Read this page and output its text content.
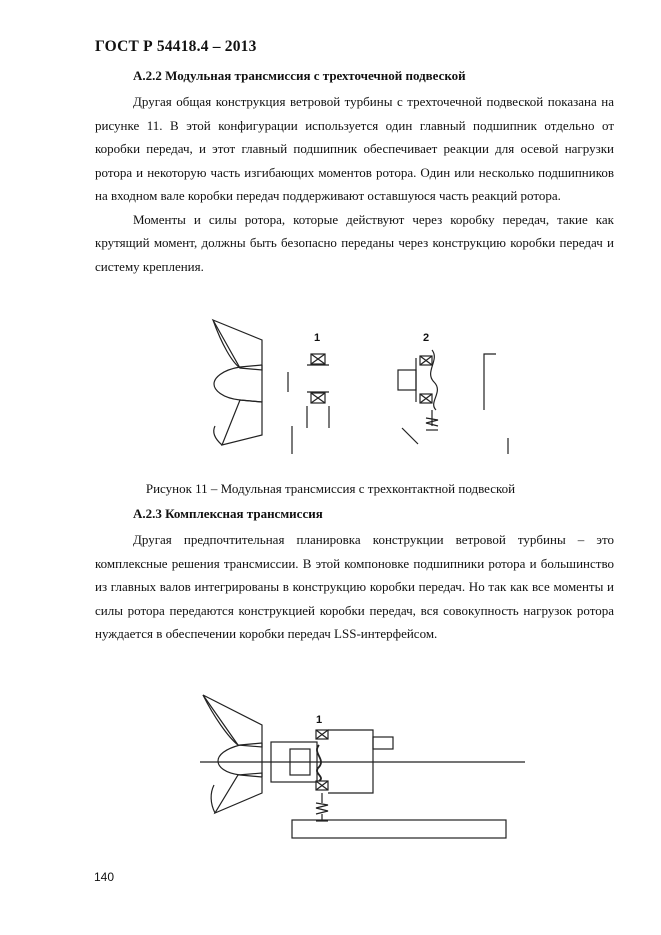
ГОСТ Р 54418.4 – 2013
А.2.2 Модульная трансмиссия с трехточечной подвеской

Другая общая конструкция ветровой турбины с трехточечной подвеской показана на рисунке 11. В этой конфигурации используется один главный подшипник отдельно от коробки передач, и этот главный подшипник обеспечивает реакции для осевой нагрузки ротора и некоторую часть изгибающих моментов ротора. Один или несколько подшипников на входном вале коробки передач поддерживают оставшуюся часть реакций ротора.

Моменты и силы ротора, которые действуют через коробку передач, такие как крутящий момент, должны быть безопасно переданы через конструкцию коробки передач и систему крепления.

1	2
Рисунок 11 – Модульная трансмиссия с трехконтактной подвеской
А.2.3 Комплексная трансмиссия

Другая предпочтительная планировка конструкции ветровой турбины – это комплексные решения трансмиссии. В этой компоновке подшипники ротора и большинство из главных валов интегрированы в конструкцию коробки передач. Но так как все моменты и силы ротора передаются конструкцией коробки передач, вся совокупность нагрузок ротора нуждается в обеспечении коробки передач LSS-интерфейсом.

1
140
